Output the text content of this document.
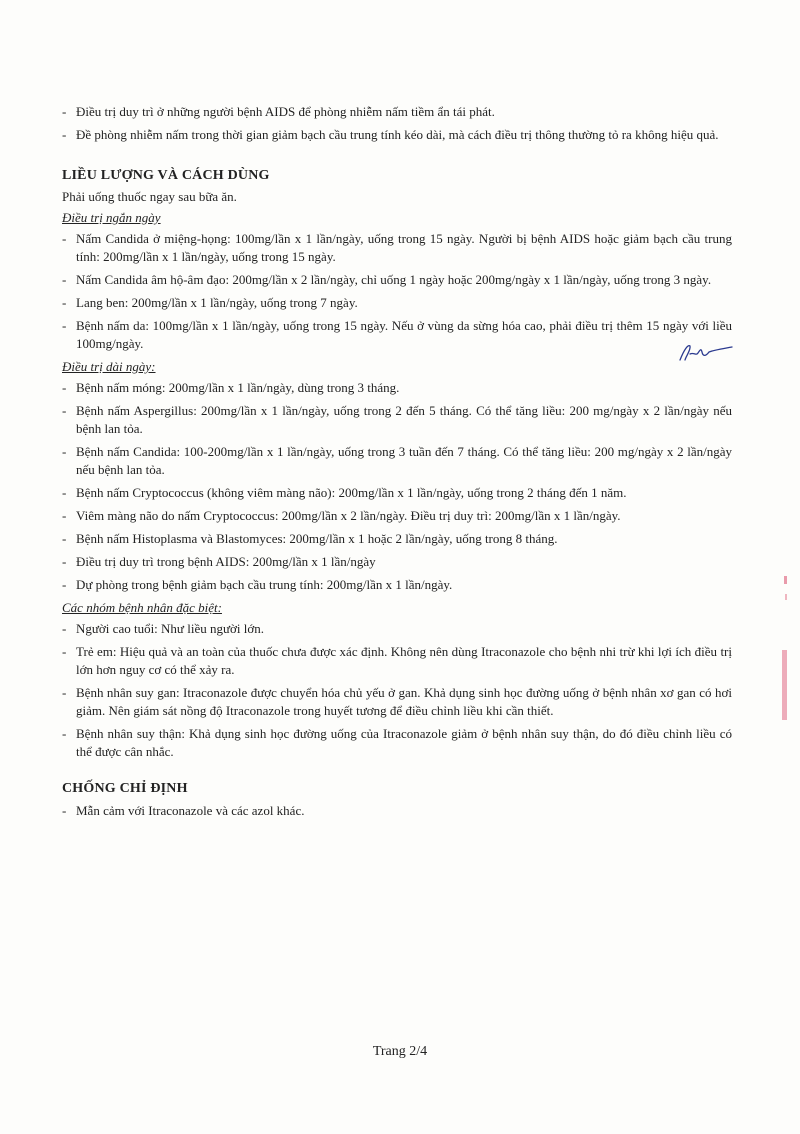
- Điều trị duy trì ở những người bệnh AIDS để phòng nhiễm nấm tiềm ẩn tái phát.
- Đề phòng nhiễm nấm trong thời gian giảm bạch cầu trung tính kéo dài, mà cách điều trị thông thường tỏ ra không hiệu quả.

LIỀU LƯỢNG VÀ CÁCH DÙNG

Phải uống thuốc ngay sau bữa ăn.

Điều trị ngắn ngày

- Nấm Candida ở miệng-họng: 100mg/lần x 1 lần/ngày, uống trong 15 ngày. Người bị bệnh AIDS hoặc giảm bạch cầu trung tính: 200mg/lần x 1 lần/ngày, uống trong 15 ngày.
- Nấm Candida âm hộ-âm đạo: 200mg/lần x 2 lần/ngày, chỉ uống 1 ngày hoặc 200mg/ngày x 1 lần/ngày, uống trong 3 ngày.
- Lang ben: 200mg/lần x 1 lần/ngày, uống trong 7 ngày.
- Bệnh nấm da: 100mg/lần x 1 lần/ngày, uống trong 15 ngày. Nếu ở vùng da sừng hóa cao, phải điều trị thêm 15 ngày với liều 100mg/ngày.

Điều trị dài ngày:

- Bệnh nấm móng: 200mg/lần x 1 lần/ngày, dùng trong 3 tháng.
- Bệnh nấm Aspergillus: 200mg/lần x 1 lần/ngày, uống trong 2 đến 5 tháng. Có thể tăng liều: 200 mg/ngày x 2 lần/ngày nếu bệnh lan tỏa.
- Bệnh nấm Candida: 100-200mg/lần x 1 lần/ngày, uống trong 3 tuần đến 7 tháng. Có thể tăng liều: 200 mg/ngày x 2 lần/ngày nếu bệnh lan tỏa.
- Bệnh nấm Cryptococcus (không viêm màng não): 200mg/lần x 1 lần/ngày, uống trong 2 tháng đến 1 năm.
- Viêm màng não do nấm Cryptococcus: 200mg/lần x 2 lần/ngày. Điều trị duy trì: 200mg/lần x 1 lần/ngày.
- Bệnh nấm Histoplasma và Blastomyces: 200mg/lần x 1 hoặc 2 lần/ngày, uống trong 8 tháng.
- Điều trị duy trì trong bệnh AIDS: 200mg/lần x 1 lần/ngày
- Dự phòng trong bệnh giảm bạch cầu trung tính: 200mg/lần x 1 lần/ngày.

Các nhóm bệnh nhân đặc biệt:

- Người cao tuổi: Như liều người lớn.
- Trẻ em: Hiệu quả và an toàn của thuốc chưa được xác định. Không nên dùng Itraconazole cho bệnh nhi trừ khi lợi ích điều trị lớn hơn nguy cơ có thể xảy ra.
- Bệnh nhân suy gan: Itraconazole được chuyển hóa chủ yếu ở gan. Khả dụng sinh học đường uống ở bệnh nhân xơ gan có hơi giảm. Nên giám sát nồng độ Itraconazole trong huyết tương để điều chỉnh liều khi cần thiết.
- Bệnh nhân suy thận: Khả dụng sinh học đường uống của Itraconazole giảm ở bệnh nhân suy thận, do đó điều chỉnh liều có thể được cân nhắc.

CHỐNG CHỈ ĐỊNH

- Mẫn cảm với Itraconazole và các azol khác.
Trang 2/4
